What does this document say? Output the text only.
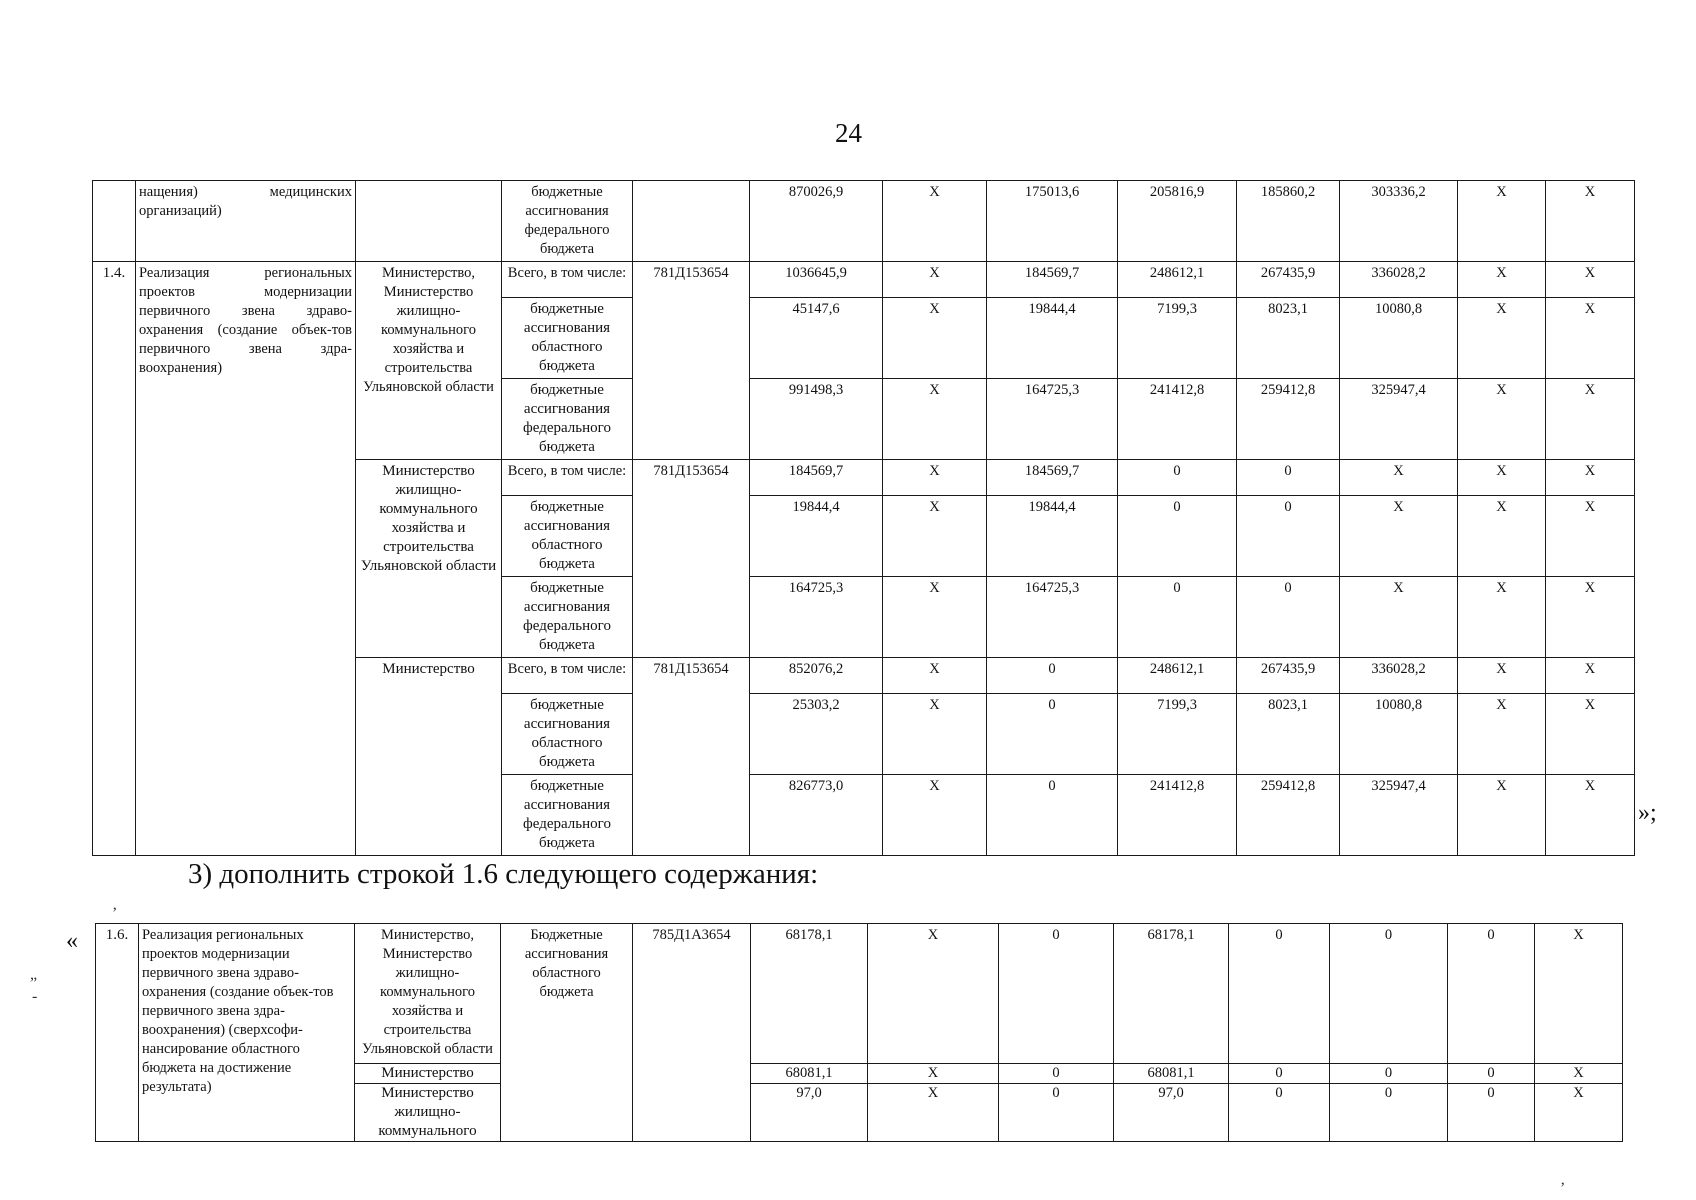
24
	нащения) медицинских организаций)		бюджетные ассигнования федерального бюджета		870026,9	X	175013,6	205816,9	185860,2	303336,2	X	X
1.4.	Реализация региональных проектов модернизации первичного звена здраво-охранения (создание объек-тов первичного звена здра-воохранения)	Министерство, Министерство жилищно-коммунального хозяйства и строительства Ульяновской области	Всего, в том числе:	781Д153654	1036645,9	X	184569,7	248612,1	267435,9	336028,2	X	X
			бюджетные ассигнования областного бюджета		45147,6	X	19844,4	7199,3	8023,1	10080,8	X	X
			бюджетные ассигнования федерального бюджета		991498,3	X	164725,3	241412,8	259412,8	325947,4	X	X
		Министерство жилищно-коммунального хозяйства и строительства Ульяновской области	Всего, в том числе:	781Д153654	184569,7	X	184569,7	0	0	X	X	X
			бюджетные ассигнования областного бюджета		19844,4	X	19844,4	0	0	X	X	X
			бюджетные ассигнования федерального бюджета		164725,3	X	164725,3	0	0	X	X	X
		Министерство	Всего, в том числе:	781Д153654	852076,2	X	0	248612,1	267435,9	336028,2	X	X
			бюджетные ассигнования областного бюджета		25303,2	X	0	7199,3	8023,1	10080,8	X	X
			бюджетные ассигнования федерального бюджета		826773,0	X	0	241412,8	259412,8	325947,4	X	X
»;
3) дополнить строкой 1.6 следующего содержания:
ʼ
ˮ
-
ʼ
« 1.6.	Реализация региональных проектов модернизации первичного звена здраво-охранения (создание объек-тов первичного звена здра-воохранения) (сверхсофи-нансирование областного бюджета на достижение результата)	Министерство, Министерство жилищно-коммунального хозяйства и строительства Ульяновской области	Бюджетные ассигнования областного бюджета	785Д1А3654	68178,1	X	0	68178,1	0	0	0	X
		Министерство			68081,1	X	0	68081,1	0	0	0	X
		Министерство жилищно-коммунального			97,0	X	0	97,0	0	0	0	X
